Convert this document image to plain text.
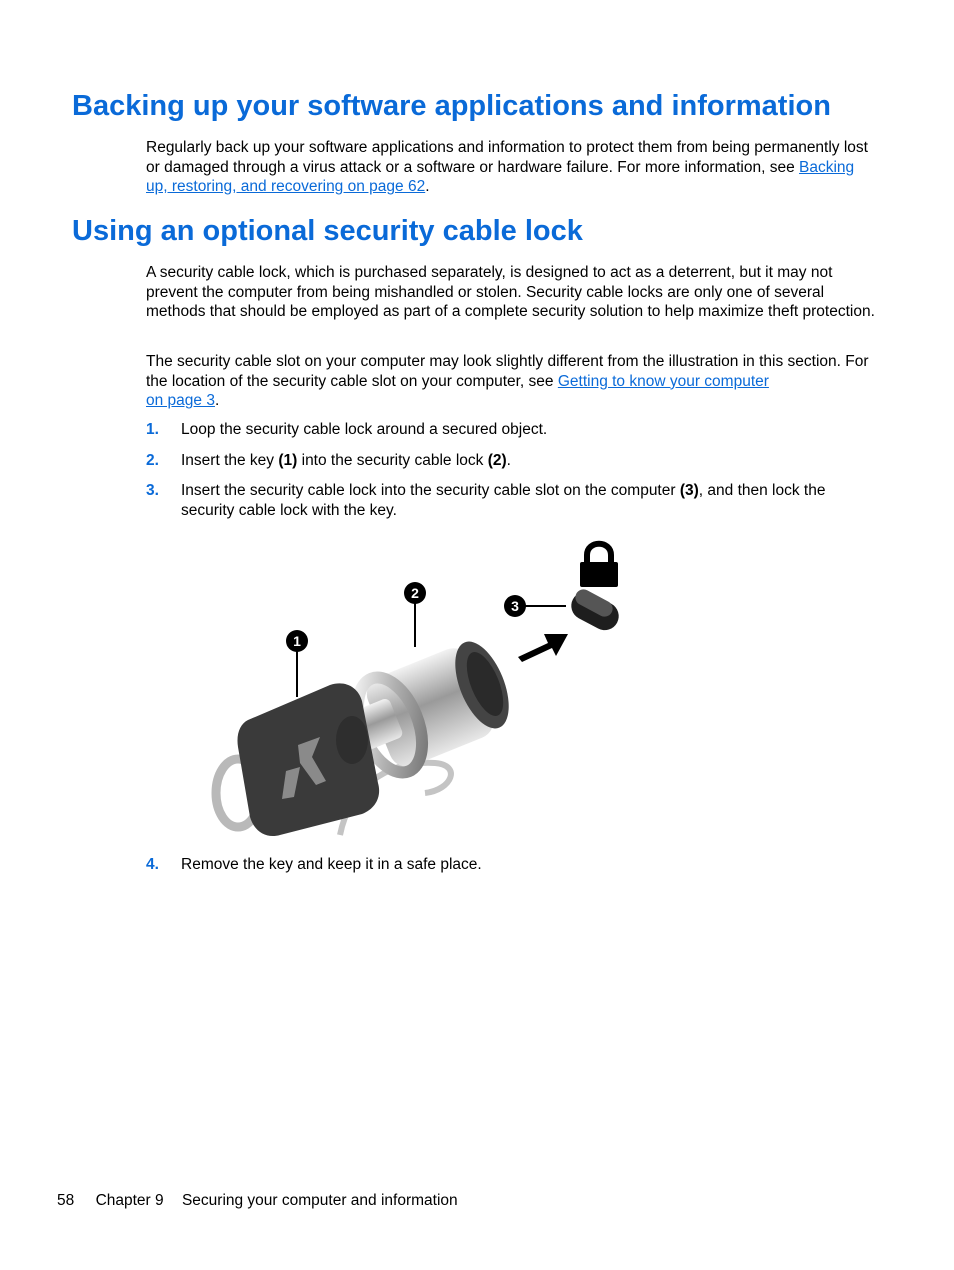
Backing up your software applications and information

Regularly back up your software applications and information to protect them from being permanently lost or damaged through a virus attack or a software or hardware failure. For more information, see Backing up, restoring, and recovering on page 62.

Using an optional security cable lock

A security cable lock, which is purchased separately, is designed to act as a deterrent, but it may not prevent the computer from being mishandled or stolen. Security cable locks are only one of several methods that should be employed as part of a complete security solution to help maximize theft protection.

The security cable slot on your computer may look slightly different from the illustration in this section. For the location of the security cable slot on your computer, see Getting to know your computer
on page 3.

1. Loop the security cable lock around a secured object.
2. Insert the key (1) into the security cable lock (2).
3. Insert the security cable lock into the security cable slot on the computer (3), and then lock the security cable lock with the key.
1
2
3
4. Remove the key and keep it in a safe place.
58 Chapter 9 Securing your computer and information
